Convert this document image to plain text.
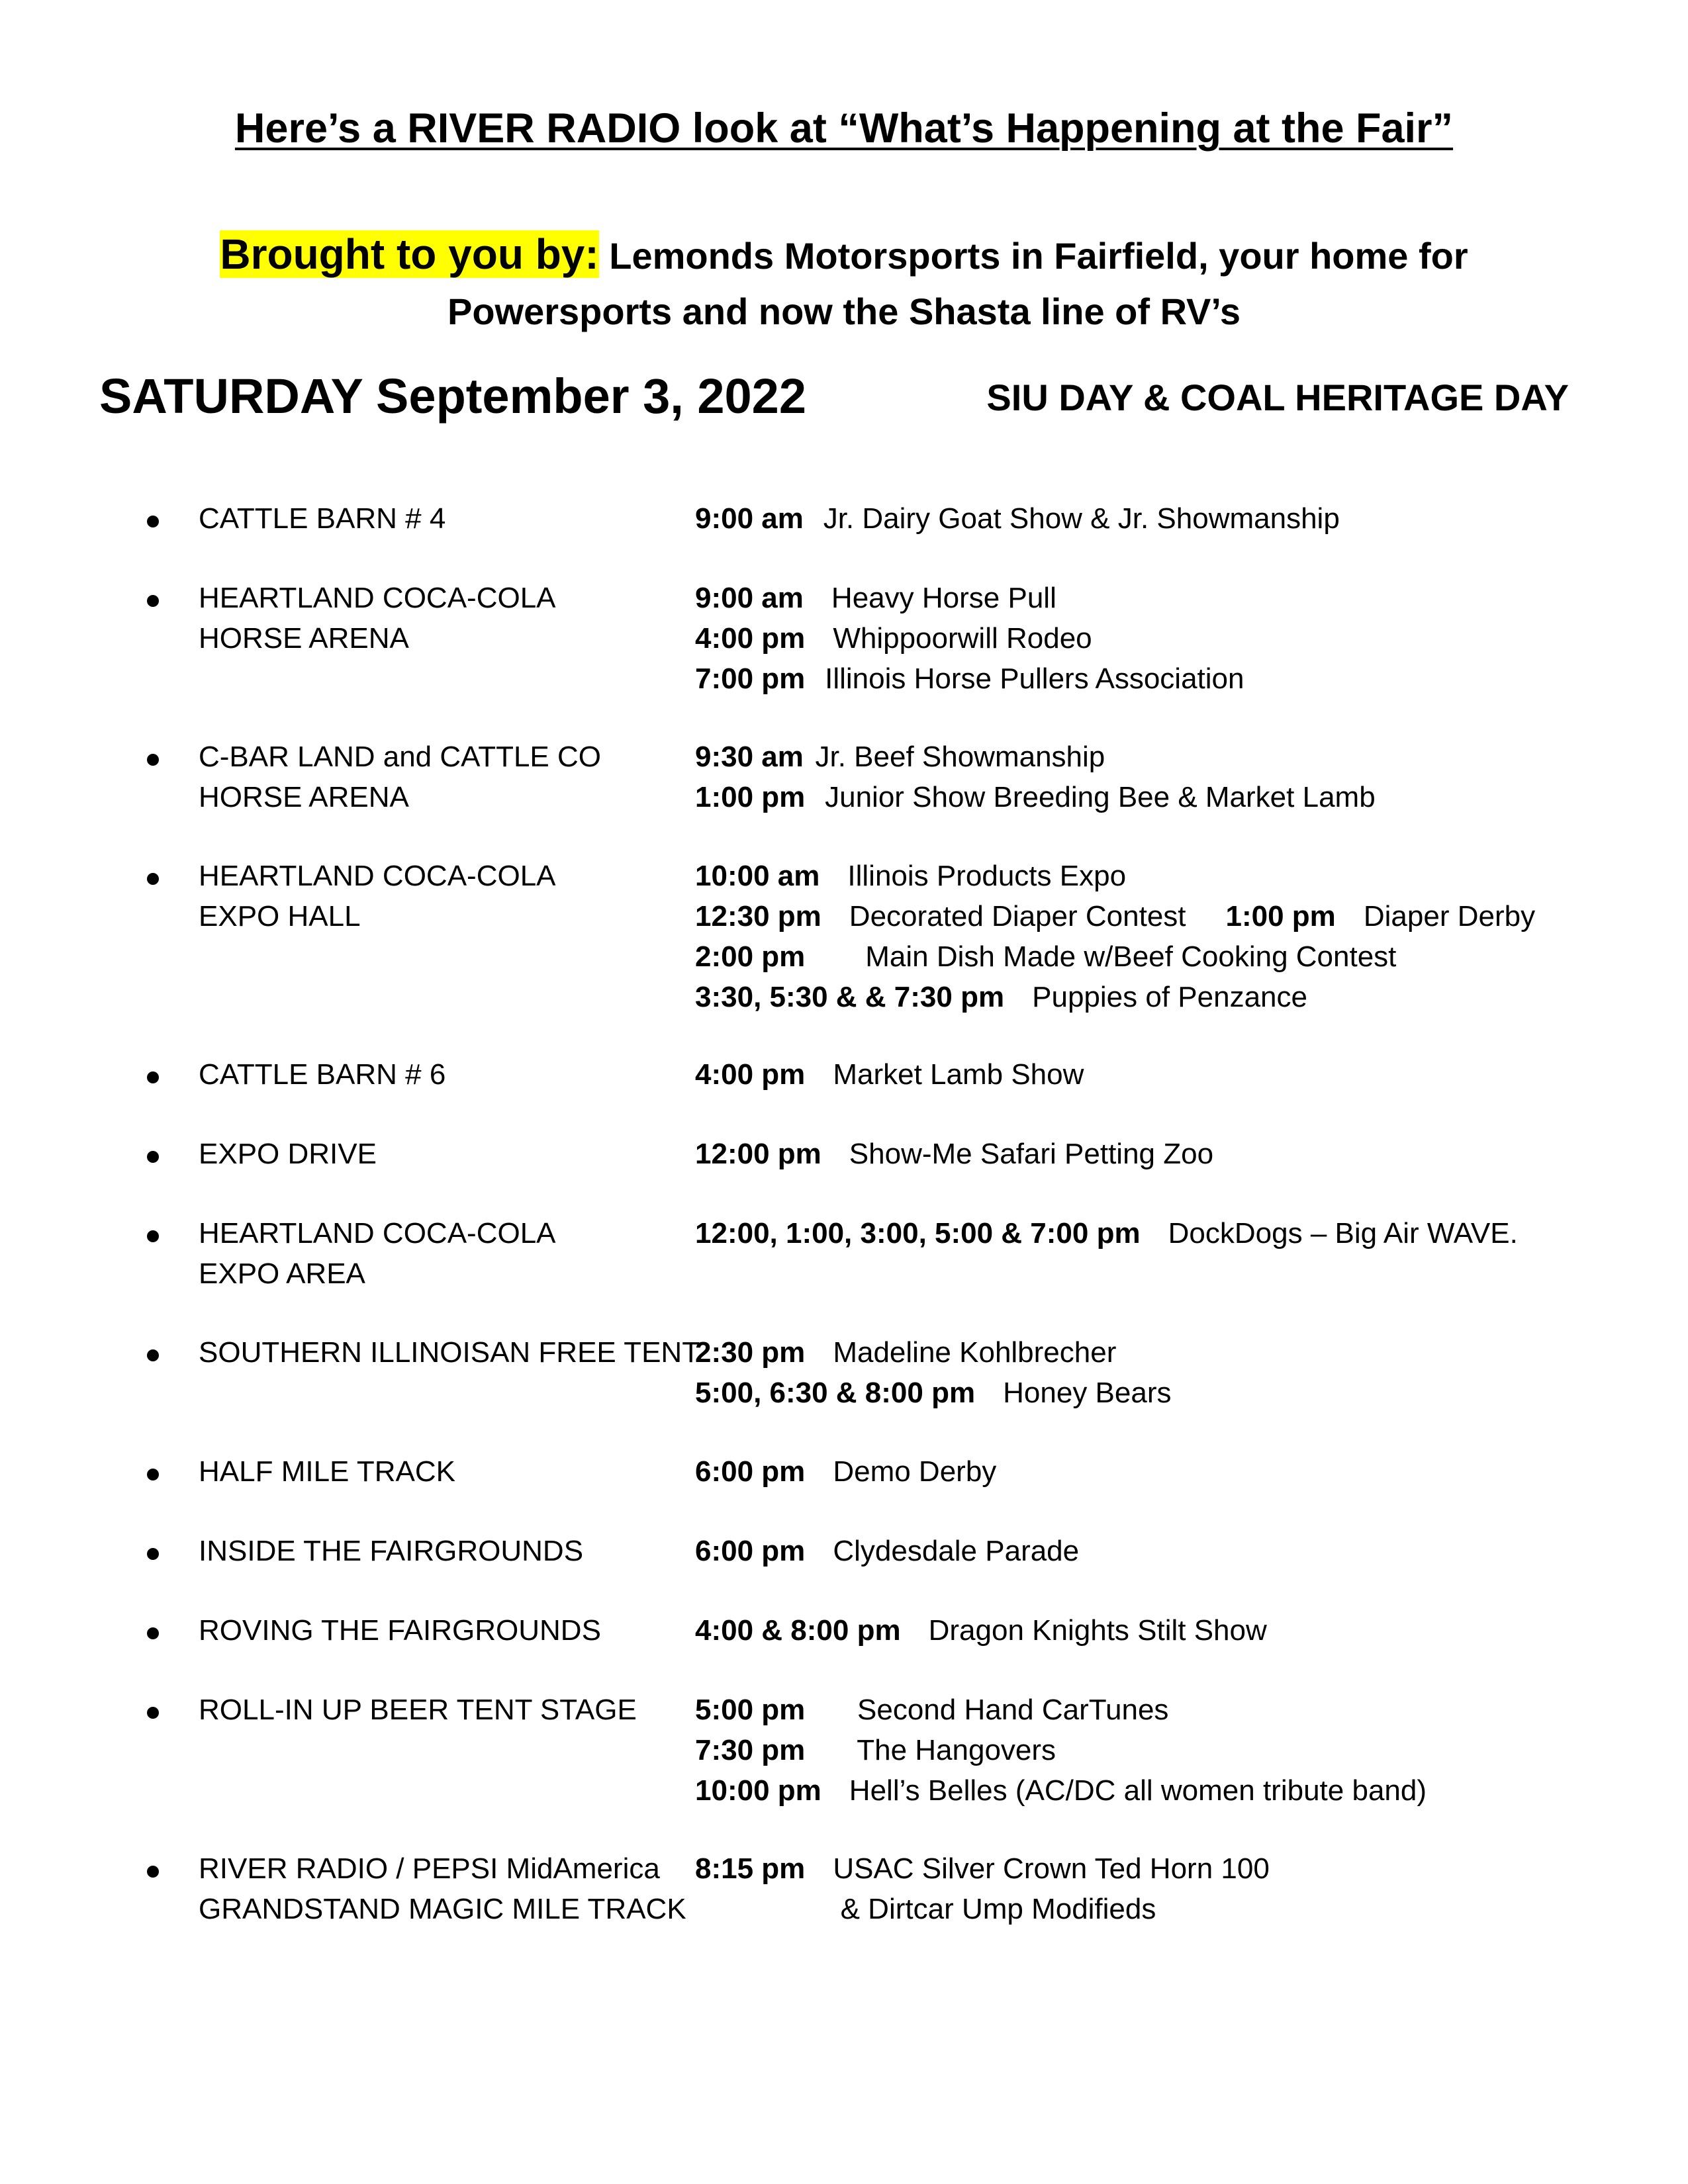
Here’s a RIVER RADIO look at “What’s Happening at the Fair”
Brought to you by: Lemonds Motorsports in Fairfield, your home for
Powersports and now the Shasta line of RV’s
SATURDAY September 3, 2022	SIU DAY & COAL HERITAGE DAY
CATTLE BARN # 4	9:00 am Jr. Dairy Goat Show & Jr. Showmanship
HEARTLAND COCA-COLA
HORSE ARENA
9:00 am  Heavy Horse Pull
4:00 pm  Whippoorwill Rodeo
7:00 pm Illinois Horse Pullers Association
C-BAR LAND and CATTLE CO
HORSE ARENA
9:30 am Jr. Beef Showmanship
1:00 pm Junior Show Breeding Bee & Market Lamb
HEARTLAND COCA-COLA
EXPO HALL
10:00 am  Illinois Products Expo
12:30 pm  Decorated Diaper Contest 1:00 pm  Diaper Derby
2:00 pm      Main Dish Made w/Beef Cooking Contest
3:30, 5:30 & & 7:30 pm  Puppies of Penzance
CATTLE BARN # 6	4:00 pm  Market Lamb Show
EXPO DRIVE	12:00 pm  Show-Me Safari Petting Zoo
HEARTLAND COCA-COLA
EXPO AREA
12:00, 1:00, 3:00, 5:00 & 7:00 pm  DockDogs – Big Air WAVE.
SOUTHERN ILLINOISAN FREE TENT
2:30 pm  Madeline Kohlbrecher
5:00, 6:30 & 8:00 pm  Honey Bears
HALF MILE TRACK	6:00 pm  Demo Derby
INSIDE THE FAIRGROUNDS	6:00 pm  Clydesdale Parade
ROVING THE FAIRGROUNDS	4:00 & 8:00 pm  Dragon Knights Stilt Show
ROLL-IN UP BEER TENT STAGE 5:00 pm     Second Hand CarTunes
7:30 pm     The Hangovers
10:00 pm  Hell’s Belles (AC/DC all women tribute band)
RIVER RADIO / PEPSI MidAmerica
GRANDSTAND MAGIC MILE TRACK
8:15 pm  USAC Silver Crown Ted Horn 100
& Dirtcar Ump Modifieds
